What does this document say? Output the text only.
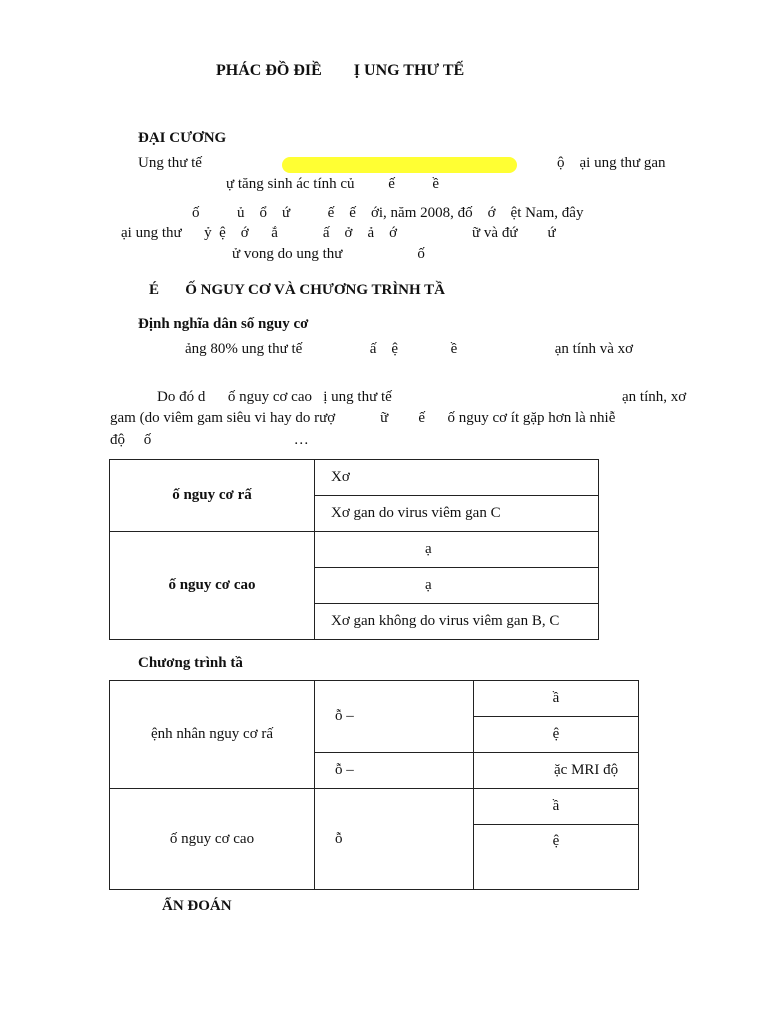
PHÁC ĐỒ ĐIỀ        Ị UNG THƯ TẾ
ĐẠI CƯƠNG
Ung thư tế	ộ    ại ung thư gan
ự tăng sinh ác tính củ         ế          ề
ố          ủ    ổ    ứ          ế    ế    ới, năm 2008, đố    ớ    ệt Nam, đây
ại ung thư      ỷ  ệ    ớ      ắ            ấ    ở    ả    ớ                    ữ và đứ        ứ
ử vong do ung thư                    ố
É       Ố NGUY CƠ VÀ CHƯƠNG TRÌNH TẦ
Định nghĩa dân số nguy cơ
ảng 80% ung thư tế                  ấ    ệ              ề                          ạn tính và xơ
Do đó d      ố nguy cơ cao   ị ung thư tế	ạn tính, xơ
gam (do viêm gam siêu vi hay do rượ            ữ        ế      ố nguy cơ ít gặp hơn là nhiễ
độ     ố                                      …
ố nguy cơ rấ	Xơ
	Xơ gan do virus viêm gan C
ố nguy cơ cao	ạ
	ạ
	Xơ gan không do virus viêm gan B, C
Chương trình tầ
ệnh nhân nguy cơ rấ	ỗ –	ầ
		ệ
	ỗ –	ặc MRI độ
ố nguy cơ cao	ỗ	ầ
		ệ
ẨN ĐOÁN
